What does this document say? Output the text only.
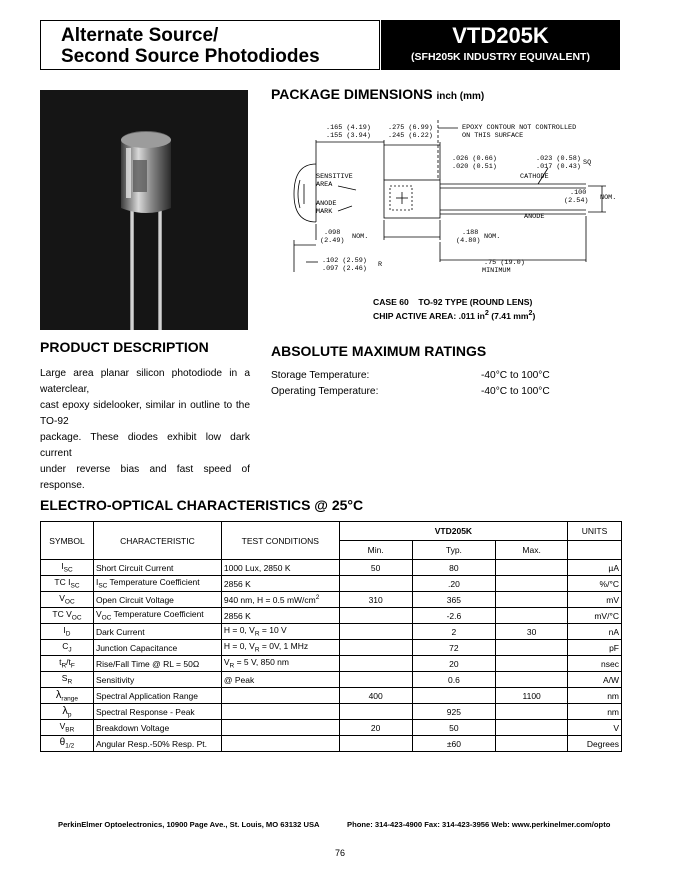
Alternate Source/
Second Source Photodiodes
VTD205K
(SFH205K INDUSTRY EQUIVALENT)
PACKAGE DIMENSIONS inch (mm)
.165 (4.19)
.155 (3.94)
.275 (6.99)
.245 (6.22)
EPOXY CONTOUR NOT CONTROLLED
ON THIS SURFACE
.026 (0.66)
.020 (0.51)
.023 (0.58) SQ
.017 (0.43)
SENSITIVE
AREA
CATHODE
ANODE
MARK
.100
(2.54) NOM.
ANODE
.098
(2.49) NOM.	.188
(4.80) NOM.
.102 (2.59)
.097 (2.46) R	.75 (19.0)
MINIMUM
CASE 60 TO-92 TYPE (ROUND LENS)
CHIP ACTIVE AREA: .011 $in^2$ (7.41 $mm^2$)
PRODUCT DESCRIPTION
Large area planar silicon photodiode in a waterclear,
cast epoxy sidelooker, similar in outline to the TO-92
package. These diodes exhibit low dark current
under reverse bias and fast speed of response.
ABSOLUTE MAXIMUM RATINGS
Storage Temperature:	-40°C to 100°C
Operating Temperature:	-40°C to 100°C
ELECTRO-OPTICAL CHARACTERISTICS @ 25°C
SYMBOL	CHARACTERISTIC	TEST CONDITIONS	VTD205K			UNITS
			Min.	Typ.	Max.	
$I_{SC}$	Short Circuit Current	1000 Lux, 2850 K	50	80		µA
TC $I_{SC}$	$I_{SC}$ Temperature Coefficient	2856 K		.20		%/°C
$V_{OC}$	Open Circuit Voltage	940 nm, H = 0.5 $mW/cm^2$	310	365		mV
TC $V_{OC}$	$V_{OC}$ Temperature Coefficient	2856 K		-2.6		mV/°C
$I_D$	Dark Current	H = 0, $V_R = 10$ V		2	30	nA
$C_J$	Junction Capacitance	H = 0, $V_R = 0V$, 1 MHz		72		pF
$t_R/t_F$	Rise/Fall Time @ RL = 50Ω	$V_R = 5$ V, 850 nm		20		nsec
$S_R$	Sensitivity	@ Peak		0.6		A/W
$\lambda_{range}$	Spectral Application Range		400		1100	nm
$\lambda_p$	Spectral Response - Peak			925		nm
$V_{BR}$	Breakdown Voltage		20	50		V
$\theta_{1/2}$	Angular Resp.-50% Resp. Pt.			±60		Degrees
PerkinElmer Optoelectronics, 10900 Page Ave., St. Louis, MO 63132 USA	Phone: 314-423-4900 Fax: 314-423-3956 Web: www.perkinelmer.com/opto
76
